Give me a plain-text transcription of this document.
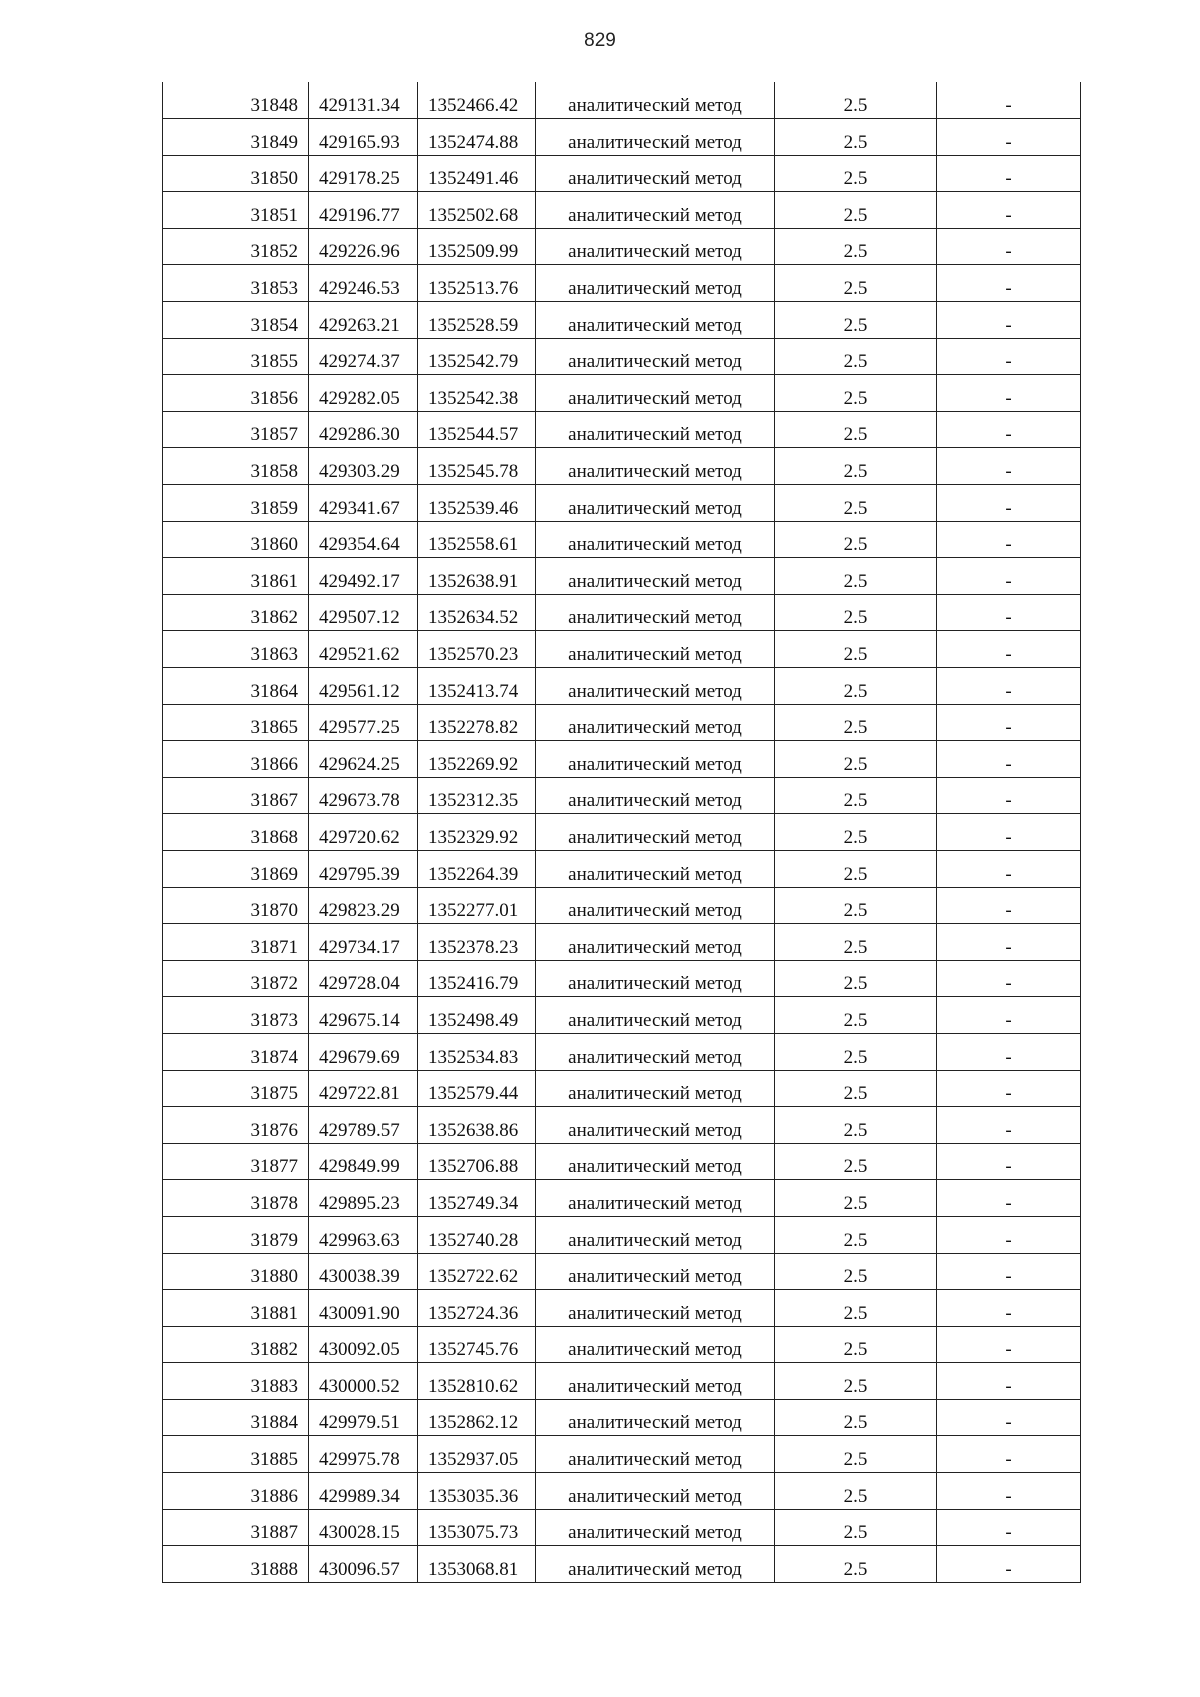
829
31848	429131.34	1352466.42	аналитический метод	2.5	-
31849	429165.93	1352474.88	аналитический метод	2.5	-
31850	429178.25	1352491.46	аналитический метод	2.5	-
31851	429196.77	1352502.68	аналитический метод	2.5	-
31852	429226.96	1352509.99	аналитический метод	2.5	-
31853	429246.53	1352513.76	аналитический метод	2.5	-
31854	429263.21	1352528.59	аналитический метод	2.5	-
31855	429274.37	1352542.79	аналитический метод	2.5	-
31856	429282.05	1352542.38	аналитический метод	2.5	-
31857	429286.30	1352544.57	аналитический метод	2.5	-
31858	429303.29	1352545.78	аналитический метод	2.5	-
31859	429341.67	1352539.46	аналитический метод	2.5	-
31860	429354.64	1352558.61	аналитический метод	2.5	-
31861	429492.17	1352638.91	аналитический метод	2.5	-
31862	429507.12	1352634.52	аналитический метод	2.5	-
31863	429521.62	1352570.23	аналитический метод	2.5	-
31864	429561.12	1352413.74	аналитический метод	2.5	-
31865	429577.25	1352278.82	аналитический метод	2.5	-
31866	429624.25	1352269.92	аналитический метод	2.5	-
31867	429673.78	1352312.35	аналитический метод	2.5	-
31868	429720.62	1352329.92	аналитический метод	2.5	-
31869	429795.39	1352264.39	аналитический метод	2.5	-
31870	429823.29	1352277.01	аналитический метод	2.5	-
31871	429734.17	1352378.23	аналитический метод	2.5	-
31872	429728.04	1352416.79	аналитический метод	2.5	-
31873	429675.14	1352498.49	аналитический метод	2.5	-
31874	429679.69	1352534.83	аналитический метод	2.5	-
31875	429722.81	1352579.44	аналитический метод	2.5	-
31876	429789.57	1352638.86	аналитический метод	2.5	-
31877	429849.99	1352706.88	аналитический метод	2.5	-
31878	429895.23	1352749.34	аналитический метод	2.5	-
31879	429963.63	1352740.28	аналитический метод	2.5	-
31880	430038.39	1352722.62	аналитический метод	2.5	-
31881	430091.90	1352724.36	аналитический метод	2.5	-
31882	430092.05	1352745.76	аналитический метод	2.5	-
31883	430000.52	1352810.62	аналитический метод	2.5	-
31884	429979.51	1352862.12	аналитический метод	2.5	-
31885	429975.78	1352937.05	аналитический метод	2.5	-
31886	429989.34	1353035.36	аналитический метод	2.5	-
31887	430028.15	1353075.73	аналитический метод	2.5	-
31888	430096.57	1353068.81	аналитический метод	2.5	-
